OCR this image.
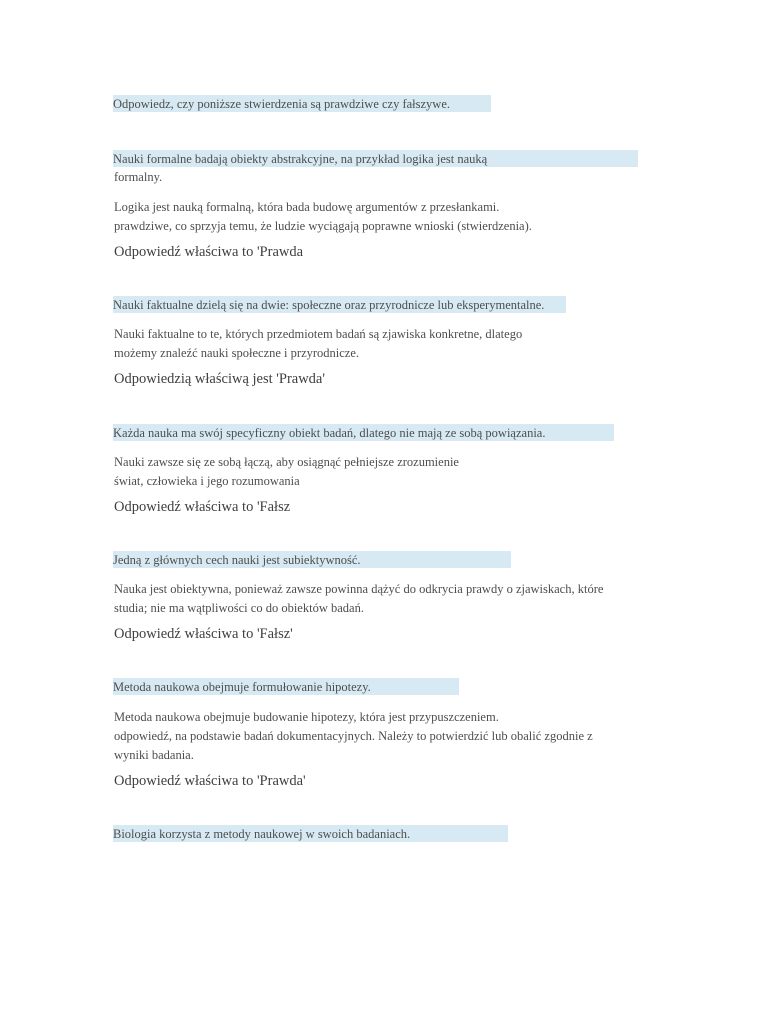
Odpowiedz, czy poniższe stwierdzenia są prawdziwe czy fałszywe.
Nauki formalne badają obiekty abstrakcyjne, na przykład logika jest nauką
formalny.
Logika jest nauką formalną, która bada budowę argumentów z przesłankami.
prawdziwe, co sprzyja temu, że ludzie wyciągają poprawne wnioski (stwierdzenia).
Odpowiedź właściwa to 'Prawda
Nauki faktualne dzielą się na dwie: społeczne oraz przyrodnicze lub eksperymentalne.
Nauki faktualne to te, których przedmiotem badań są zjawiska konkretne, dlatego
możemy znaleźć nauki społeczne i przyrodnicze.
Odpowiedzią właściwą jest 'Prawda'
Każda nauka ma swój specyficzny obiekt badań, dlatego nie mają ze sobą powiązania.
Nauki zawsze się ze sobą łączą, aby osiągnąć pełniejsze zrozumienie
świat, człowieka i jego rozumowania
Odpowiedź właściwa to 'Fałsz
Jedną z głównych cech nauki jest subiektywność.
Nauka jest obiektywna, ponieważ zawsze powinna dążyć do odkrycia prawdy o zjawiskach, które
studia; nie ma wątpliwości co do obiektów badań.
Odpowiedź właściwa to 'Fałsz'
Metoda naukowa obejmuje formułowanie hipotezy.
Metoda naukowa obejmuje budowanie hipotezy, która jest przypuszczeniem.
odpowiedź, na podstawie badań dokumentacyjnych. Należy to potwierdzić lub obalić zgodnie z
wyniki badania.
Odpowiedź właściwa to 'Prawda'
Biologia korzysta z metody naukowej w swoich badaniach.
